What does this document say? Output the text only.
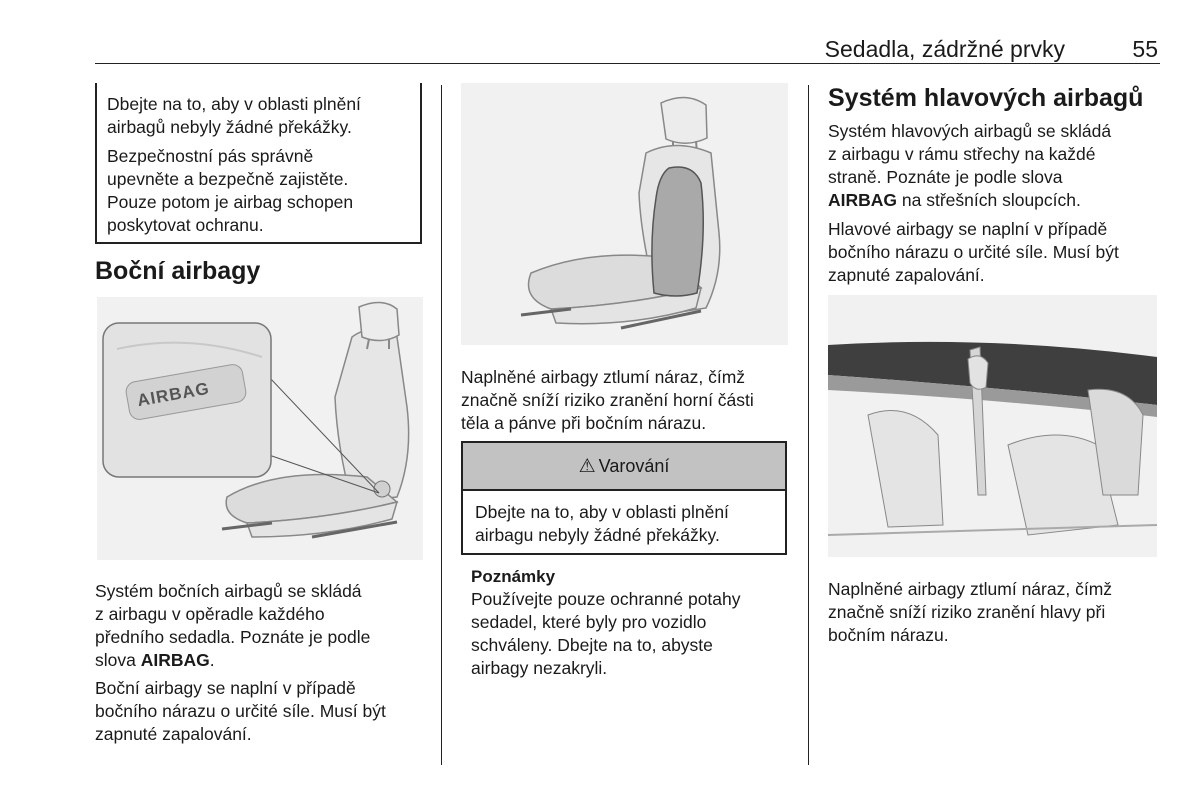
Sedadla, zádržné prvky	55
Dbejte na to, aby v oblasti plnění
airbagů nebyly žádné překážky.
Bezpečnostní pás správně
upevněte a bezpečně zajistěte.
Pouze potom je airbag schopen
poskytovat ochranu.
Boční airbagy
AIRBAG
Systém bočních airbagů se skládá
z airbagu v opěradle každého
předního sedadla. Poznáte je podle
slova AIRBAG.
Boční airbagy se naplní v případě
bočního nárazu o určité síle. Musí být
zapnuté zapalování.
Naplněné airbagy ztlumí náraz, čímž
značně sníží riziko zranění horní části
těla a pánve při bočním nárazu.
⚠ Varování
Dbejte na to, aby v oblasti plnění
airbagu nebyly žádné překážky.
Poznámky
Používejte pouze ochranné potahy
sedadel, které byly pro vozidlo
schváleny. Dbejte na to, abyste
airbagy nezakryli.
Systém hlavových airbagů
Systém hlavových airbagů se skládá
z airbagu v rámu střechy na každé
straně. Poznáte je podle slova
AIRBAG na střešních sloupcích.
Hlavové airbagy se naplní v případě
bočního nárazu o určité síle. Musí být
zapnuté zapalování.
Naplněné airbagy ztlumí náraz, čímž
značně sníží riziko zranění hlavy při
bočním nárazu.
